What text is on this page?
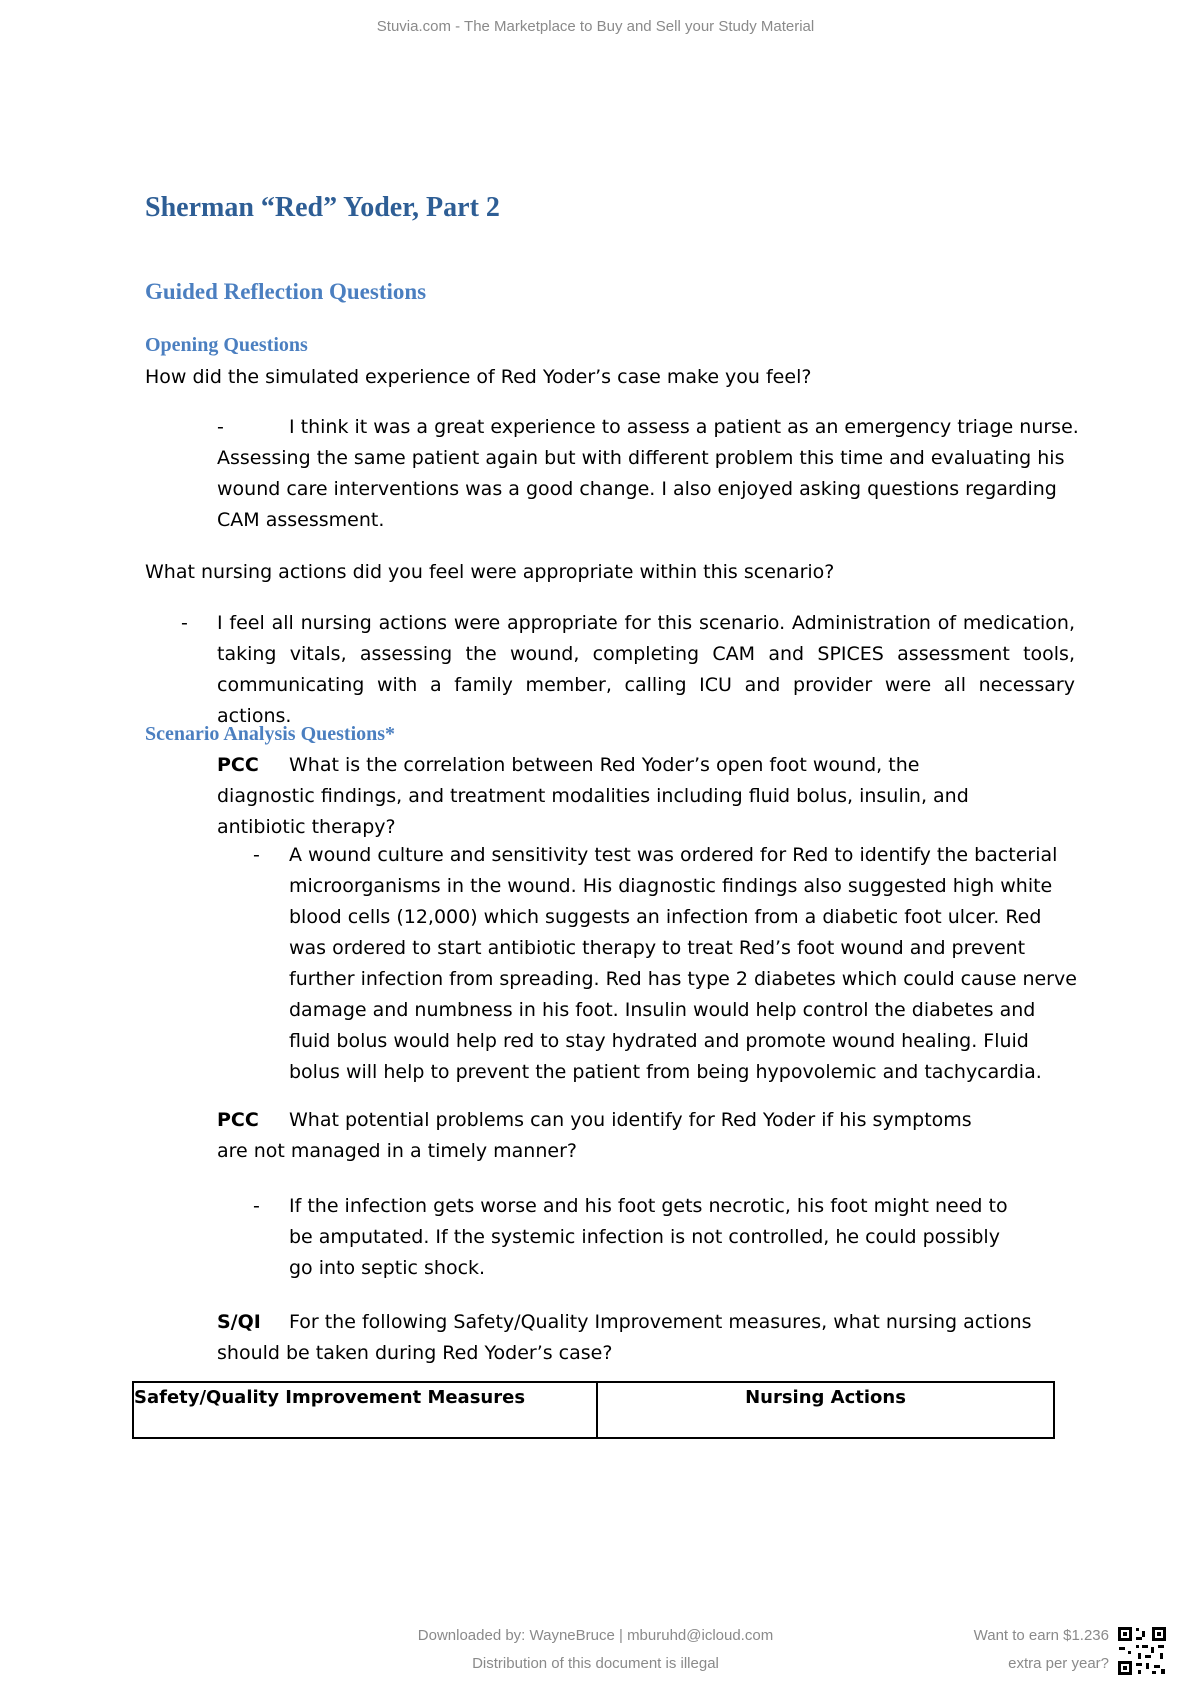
Stuvia.com - The Marketplace to Buy and Sell your Study Material
Sherman “Red” Yoder, Part 2
Guided Reflection Questions
Opening Questions
How did the simulated experience of Red Yoder’s case make you feel?
-	I think it was a great experience to assess a patient as an emergency triage nurse.
Assessing the same patient again but with different problem this time and evaluating his wound care interventions was a good change. I also enjoyed asking questions regarding CAM assessment.
What nursing actions did you feel were appropriate within this scenario?
- I feel all nursing actions were appropriate for this scenario. Administration of medication, taking vitals, assessing the wound, completing CAM and SPICES assessment tools, communicating with a family member, calling ICU and provider were all necessary actions.
Scenario Analysis Questions*
What is the correlation between Red Yoder’s open foot wound, the diagnostic findings, and treatment modalities including fluid bolus, insulin, and antibiotic therapy?
PCC
- A wound culture and sensitivity test was ordered for Red to identify the bacterial microorganisms in the wound. His diagnostic findings also suggested high white blood cells (12,000) which suggests an infection from a diabetic foot ulcer. Red was ordered to start antibiotic therapy to treat Red’s foot wound and prevent further infection from spreading. Red has type 2 diabetes which could cause nerve damage and numbness in his foot. Insulin would help control the diabetes and fluid bolus would help red to stay hydrated and promote wound healing. Fluid bolus will help to prevent the patient from being hypovolemic and tachycardia.
What potential problems can you identify for Red Yoder if his symptoms are not managed in a timely manner?
PCC
- If the infection gets worse and his foot gets necrotic, his foot might need to be amputated. If the systemic infection is not controlled, he could possibly go into septic shock.
For the following Safety/Quality Improvement measures, what nursing actions should be taken during Red Yoder’s case?
S/QI
Safety/Quality Improvement Measures	Nursing Actions
Downloaded by: WayneBruce | mburuhd@icloud.com
Distribution of this document is illegal
Want to earn $1.236
extra per year?
